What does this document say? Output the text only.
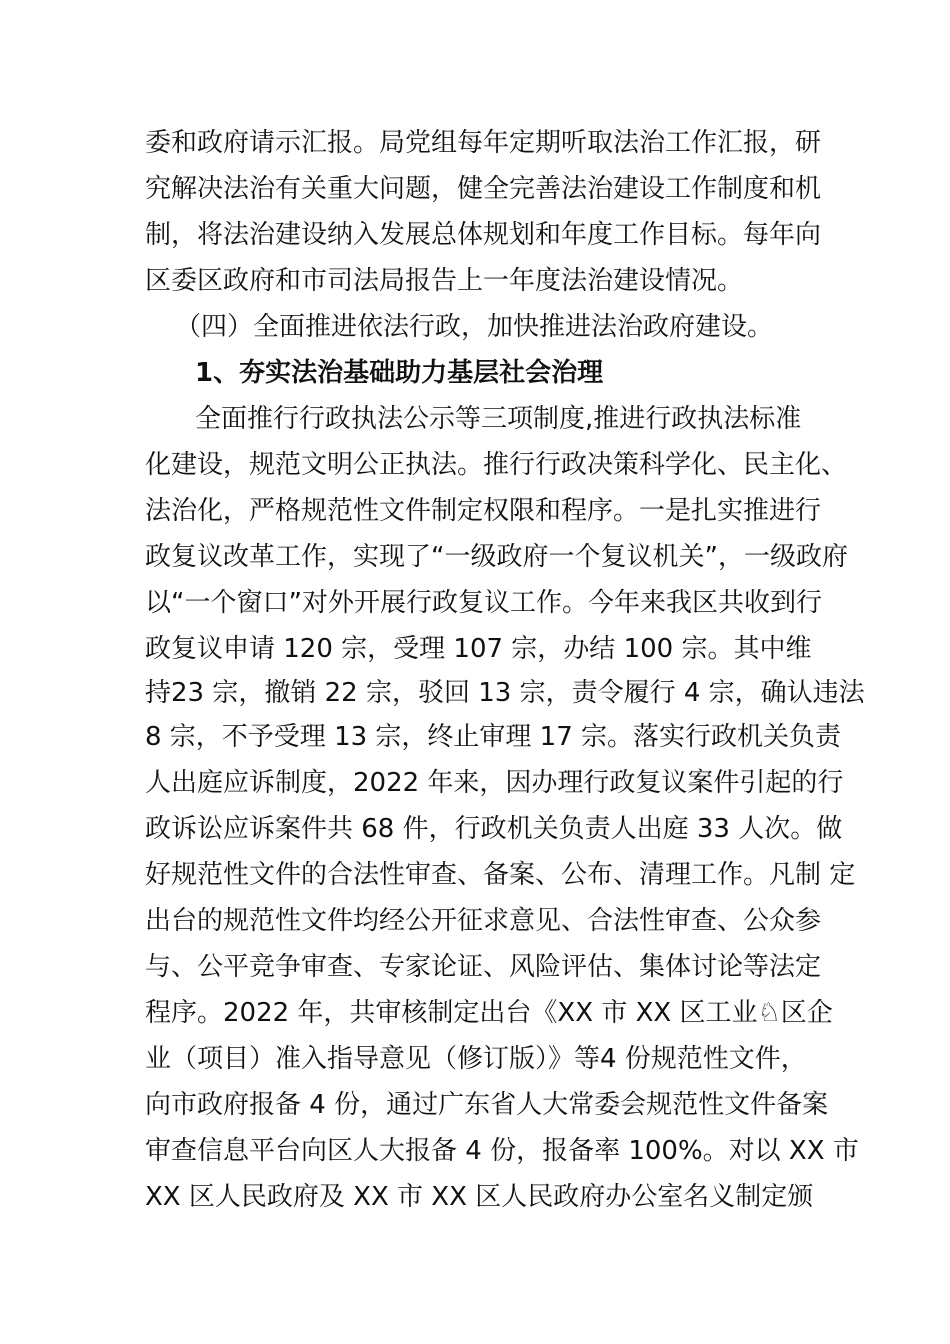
委和政府请示汇报。局党组每年定期听取法治工作汇报，研
究解决法治有关重大问题，健全完善法治建设工作制度和机
制，将法治建设纳入发展总体规划和年度工作目标。每年向
区委区政府和市司法局报告上一年度法治建设情况。
（四）全面推进依法行政，加快推进法治政府建设。
1、夯实法治基础助力基层社会治理
全面推行行政执法公示等三项制度,推进行政执法标准
化建设，规范文明公正执法。推行行政决策科学化、民主化、
法治化，严格规范性文件制定权限和程序。一是扎实推进行
政复议改革工作，实现了“一级政府一个复议机关”，一级政府
以“一个窗口”对外开展行政复议工作。今年来我区共收到行
政复议申请 120 宗，受理 107 宗，办结 100 宗。其中维
持23 宗，撤销 22 宗，驳回 13 宗，责令履行 4 宗，确认违法
8 宗，不予受理 13 宗，终止审理 17 宗。落实行政机关负责
人出庭应诉制度，2022 年来，因办理行政复议案件引起的行
政诉讼应诉案件共 68 件，行政机关负责人出庭 33 人次。做
好规范性文件的合法性审查、备案、公布、清理工作。凡制 定
出台的规范性文件均经公开征求意见、合法性审查、公众参
与、公平竞争审查、专家论证、风险评估、集体讨论等法定
程序。2022 年，共审核制定出台《XX 市 XX 区工业♘区企
业（项目）准入指导意见（修订版）》等4 份规范性文件，
向市政府报备 4 份，通过广东省人大常委会规范性文件备案
审查信息平台向区人大报备 4 份，报备率 100%。对以 XX 市
XX 区人民政府及 XX 市 XX 区人民政府办公室名义制定颁
